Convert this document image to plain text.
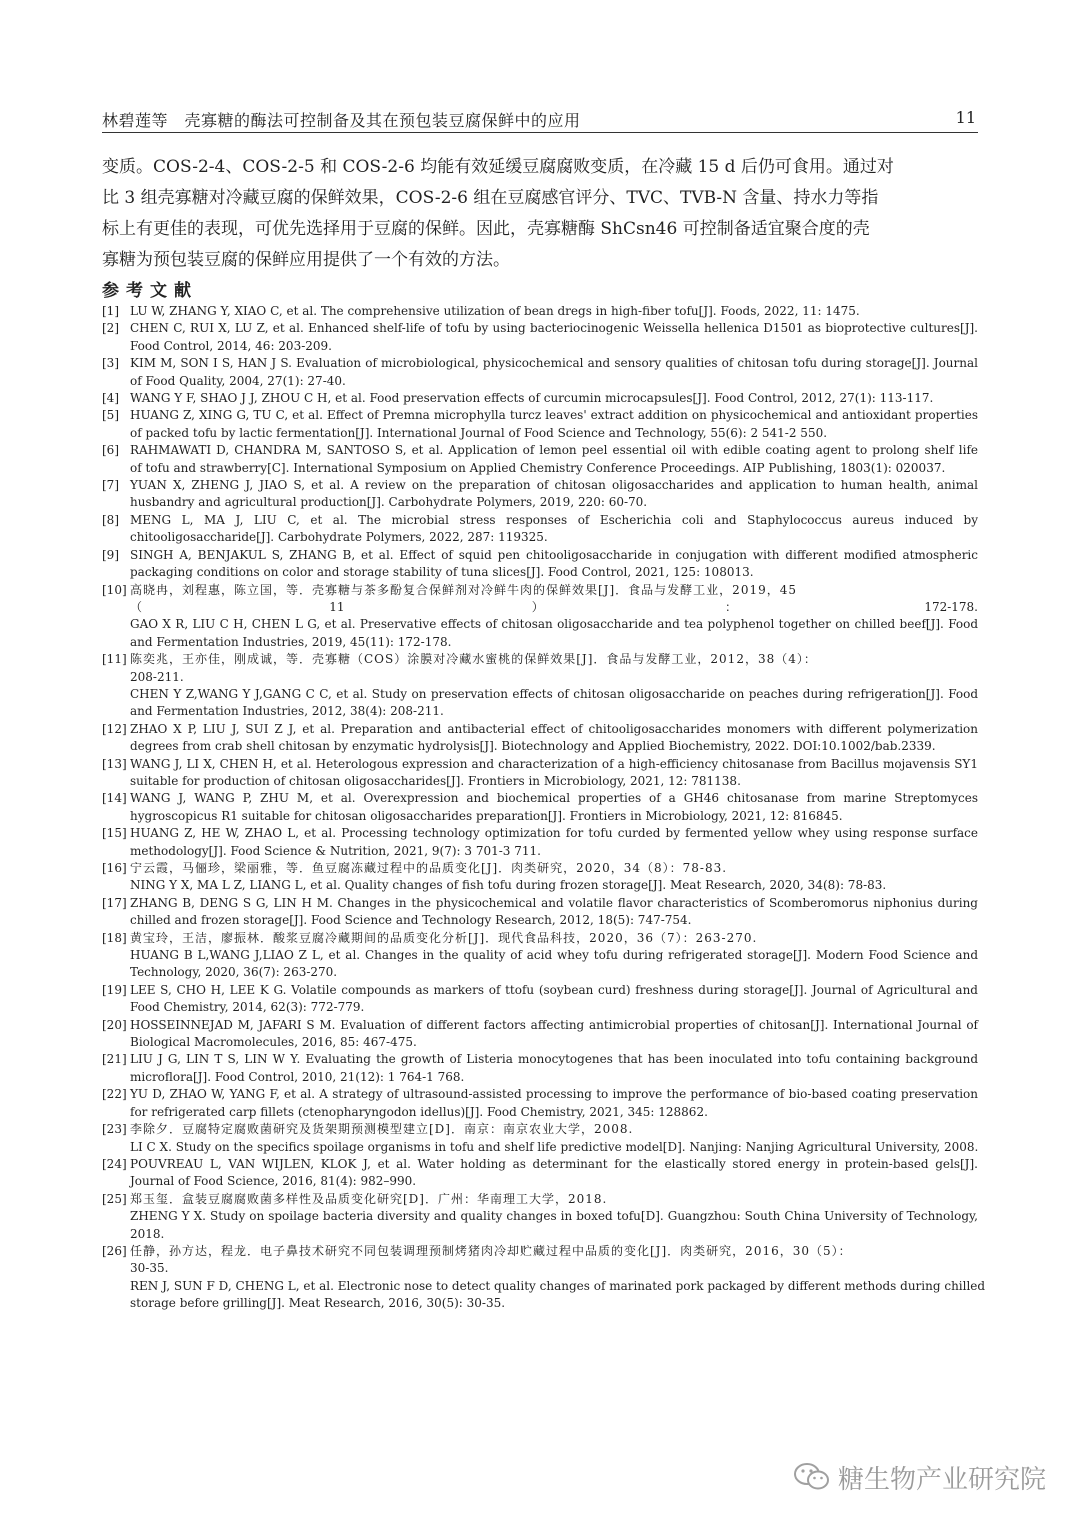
林碧莲等　壳寡糖的酶法可控制备及其在预包装豆腐保鲜中的应用	11
变质。COS-2-4、COS-2-5 和 COS-2-6 均能有效延缓豆腐腐败变质，在冷藏 15 d 后仍可食用。通过对
比 3 组壳寡糖对冷藏豆腐的保鲜效果，COS-2-6 组在豆腐感官评分、TVC、TVB-N 含量、持水力等指
标上有更佳的表现，可优先选择用于豆腐的保鲜。因此，壳寡糖酶 ShCsn46 可控制备适宜聚合度的壳
寡糖为预包装豆腐的保鲜应用提供了一个有效的方法。
参考文献
[1] LU W, ZHANG Y, XIAO C, et al. The comprehensive utilization of bean dregs in high-fiber tofu[J]. Foods, 2022, 11: 1475.
[2] CHEN C, RUI X, LU Z, et al. Enhanced shelf-life of tofu by using bacteriocinogenic Weissella hellenica D1501 as bioprotective cultures[J].
Food Control, 2014, 46: 203-209.
[3] KIM M, SON I S, HAN J S. Evaluation of microbiological, physicochemical and sensory qualities of chitosan tofu during storage[J]. Journal
of Food Quality, 2004, 27(1): 27-40.
[4] WANG Y F, SHAO J J, ZHOU C H, et al. Food preservation effects of curcumin microcapsules[J]. Food Control, 2012, 27(1): 113-117.
[5] HUANG Z, XING G, TU C, et al. Effect of Premna microphylla turcz leaves' extract addition on physicochemical and antioxidant properties
of packed tofu by lactic fermentation[J]. International Journal of Food Science and Technology, 55(6): 2 541-2 550.
[6] RAHMAWATI D, CHANDRA M, SANTOSO S, et al. Application of lemon peel essential oil with edible coating agent to prolong shelf life
of tofu and strawberry[C]. International Symposium on Applied Chemistry Conference Proceedings. AIP Publishing, 1803(1): 020037.
[7] YUAN X, ZHENG J, JIAO S, et al. A review on the preparation of chitosan oligosaccharides and application to human health, animal
husbandry and agricultural production[J]. Carbohydrate Polymers, 2019, 220: 60-70.
[8] MENG L, MA J, LIU C, et al. The microbial stress responses of Escherichia coli and Staphylococcus aureus induced by
chitooligosaccharide[J]. Carbohydrate Polymers, 2022, 287: 119325.
[9] SINGH A, BENJAKUL S, ZHANG B, et al. Effect of squid pen chitooligosaccharide in conjugation with different modified atmospheric
packaging conditions on color and storage stability of tuna slices[J]. Food Control, 2021, 125: 108013.
[10] 高晓冉，刘程惠，陈立国，等．壳寡糖与茶多酚复合保鲜剂对冷鲜牛肉的保鲜效果[J]．食品与发酵工业，2019，45
（11）：172-178.
GAO X R, LIU C H, CHEN L G, et al. Preservative effects of chitosan oligosaccharide and tea polyphenol together on chilled beef[J]. Food
and Fermentation Industries, 2019, 45(11): 172-178.
[11] 陈奕兆，王亦佳，刚成诚，等．壳寡糖（COS）涂膜对冷藏水蜜桃的保鲜效果[J]．食品与发酵工业，2012，38（4）：
208-211.
CHEN Y Z,WANG Y J,GANG C C, et al. Study on preservation effects of chitosan oligosaccharide on peaches during refrigeration[J]. Food
and Fermentation Industries, 2012, 38(4): 208-211.
[12] ZHAO X P, LIU J, SUI Z J, et al. Preparation and antibacterial effect of chitooligosaccharides monomers with different polymerization
degrees from crab shell chitosan by enzymatic hydrolysis[J]. Biotechnology and Applied Biochemistry, 2022. DOI:10.1002/bab.2339.
[13] WANG J, LI X, CHEN H, et al. Heterologous expression and characterization of a high-efficiency chitosanase from Bacillus mojavensis SY1
suitable for production of chitosan oligosaccharides[J]. Frontiers in Microbiology, 2021, 12: 781138.
[14] WANG J, WANG P, ZHU M, et al. Overexpression and biochemical properties of a GH46 chitosanase from marine Streptomyces
hygroscopicus R1 suitable for chitosan oligosaccharides preparation[J]. Frontiers in Microbiology, 2021, 12: 816845.
[15] HUANG Z, HE W, ZHAO L, et al. Processing technology optimization for tofu curded by fermented yellow whey using response surface
methodology[J]. Food Science & Nutrition, 2021, 9(7): 3 701-3 711.
[16] 宁云霞，马俪珍，梁丽雅，等．鱼豆腐冻藏过程中的品质变化[J]．肉类研究，2020，34（8）：78-83.
NING Y X, MA L Z, LIANG L, et al. Quality changes of fish tofu during frozen storage[J]. Meat Research, 2020, 34(8): 78-83.
[17] ZHANG B, DENG S G, LIN H M. Changes in the physicochemical and volatile flavor characteristics of Scomberomorus niphonius during
chilled and frozen storage[J]. Food Science and Technology Research, 2012, 18(5): 747-754.
[18] 黄宝玲，王洁，廖振林．酸浆豆腐冷藏期间的品质变化分析[J]．现代食品科技，2020，36（7）：263-270.
HUANG B L,WANG J,LIAO Z L, et al. Changes in the quality of acid whey tofu during refrigerated storage[J]. Modern Food Science and
Technology, 2020, 36(7): 263-270.
[19] LEE S, CHO H, LEE K G. Volatile compounds as markers of ttofu (soybean curd) freshness during storage[J]. Journal of Agricultural and
Food Chemistry, 2014, 62(3): 772-779.
[20] HOSSEINNEJAD M, JAFARI S M. Evaluation of different factors affecting antimicrobial properties of chitosan[J]. International Journal of
Biological Macromolecules, 2016, 85: 467-475.
[21] LIU J G, LIN T S, LIN W Y. Evaluating the growth of Listeria monocytogenes that has been inoculated into tofu containing background
microflora[J]. Food Control, 2010, 21(12): 1 764-1 768.
[22] YU D, ZHAO W, YANG F, et al. A strategy of ultrasound-assisted processing to improve the performance of bio-based coating preservation
for refrigerated carp fillets (ctenopharyngodon idellus)[J]. Food Chemistry, 2021, 345: 128862.
[23] 李除夕．豆腐特定腐败菌研究及货架期预测模型建立[D]．南京：南京农业大学，2008.
LI C X. Study on the specifics spoilage organisms in tofu and shelf life predictive model[D]. Nanjing: Nanjing Agricultural University, 2008.
[24] POUVREAU L, VAN WIJLEN, KLOK J, et al. Water holding as determinant for the elastically stored energy in protein-based gels[J].
Journal of Food Science, 2016, 81(4): 982–990.
[25] 郑玉玺．盒装豆腐腐败菌多样性及品质变化研究[D]．广州：华南理工大学，2018.
ZHENG Y X. Study on spoilage bacteria diversity and quality changes in boxed tofu[D]. Guangzhou: South China University of Technology,
2018.
[26] 任静，孙方达，程龙．电子鼻技术研究不同包装调理预制烤猪肉冷却贮藏过程中品质的变化[J]．肉类研究，2016，30（5）：
30-35.
REN J, SUN F D, CHENG L, et al. Electronic nose to detect quality changes of marinated pork packaged by different methods during chilled
storage before grilling[J]. Meat Research, 2016, 30(5): 30-35.
糖生物产业研究院
